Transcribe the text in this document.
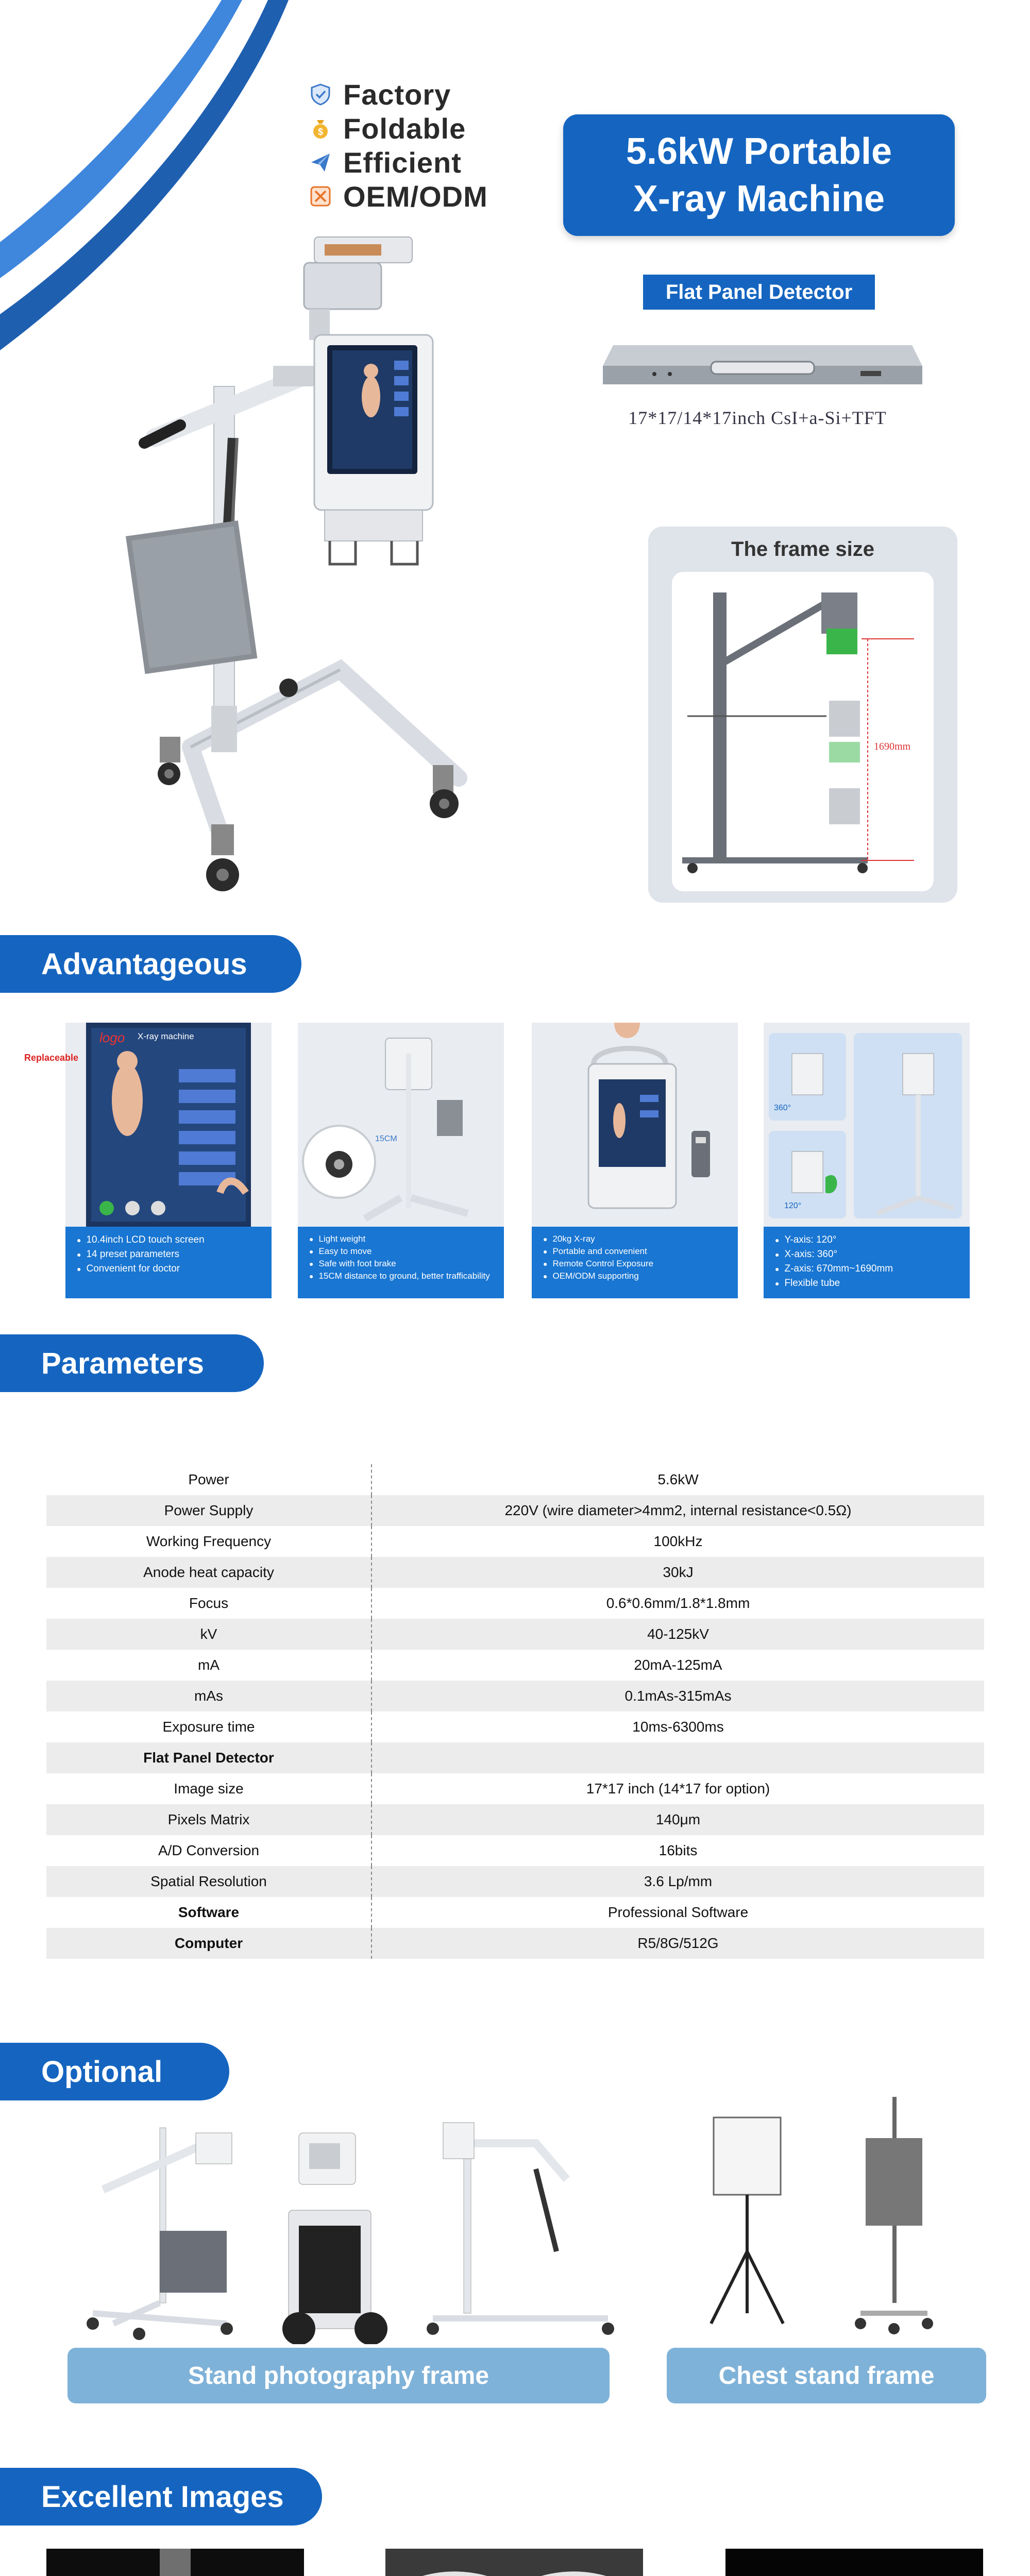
Factory
$ Foldable
Efficient
OEM/ODM
5.6kW Portable
X-ray Machine
Flat Panel Detector
17*17/14*17inch CsI+a-Si+TFT
The frame size
1690mm
Advantageous
X-ray machine
logo
Replaceable
● 10.4inch LCD touch screen
● 14 preset parameters
● Convenient for doctor
15CM
● Light weight
● Easy to move
● Safe with foot brake
● 15CM distance to ground, better trafficability
● 20kg X-ray
● Portable and convenient
● Remote Control Exposure
● OEM/ODM supporting
360°
120°
● Y-axis: 120°
● X-axis: 360°
● Z-axis: 670mm~1690mm
● Flexible tube
Parameters
Power	5.6kW
Power Supply	220V (wire diameter>4mm2, internal resistance<0.5Ω)
Working Frequency	100kHz
Anode heat capacity	30kJ
Focus	0.6*0.6mm/1.8*1.8mm
kV	40-125kV
mA	20mA-125mA
mAs	0.1mAs-315mAs
Exposure time	10ms-6300ms
Flat Panel Detector
Image size	17*17 inch (14*17 for option)
Pixels Matrix	140μm
A/D Conversion	16bits
Spatial Resolution	3.6 Lp/mm
Software	Professional Software
Computer	R5/8G/512G
Optional
Stand photography frame	Chest stand frame
Excellent Images
